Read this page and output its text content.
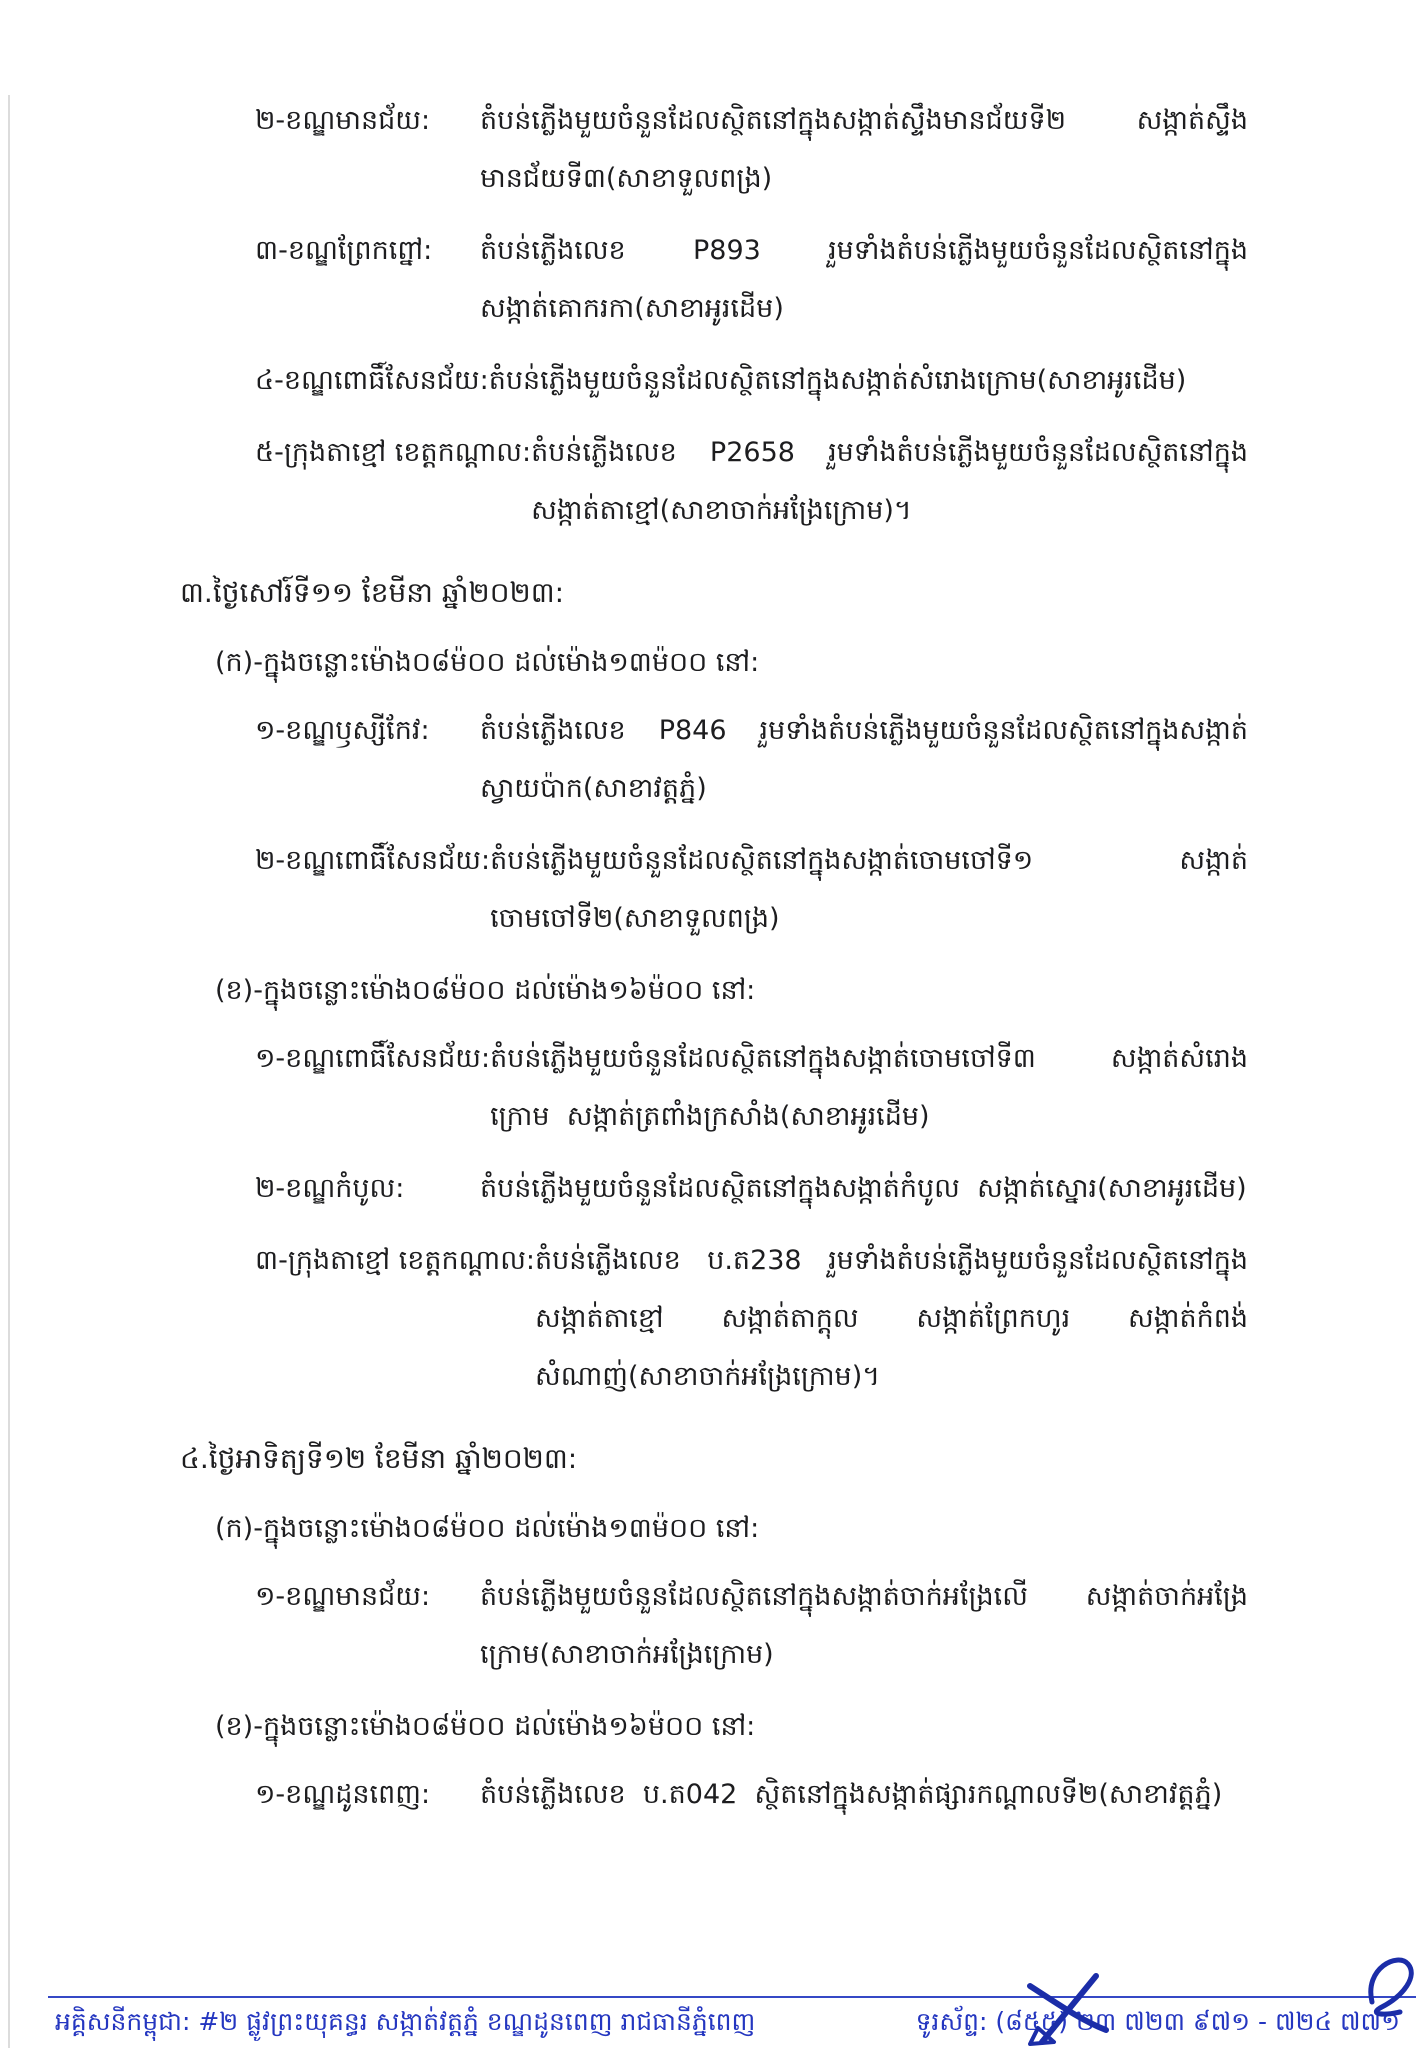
២-ខណ្ឌមានជ័យ:	តំបន់ភ្លើងមួយចំនួនដែលស្ថិតនៅក្នុងសង្កាត់ស្ទឹងមានជ័យទី២ សង្កាត់ស្ទឹងមានជ័យទី៣(សាខាទួលពង្រ)
៣-ខណ្ឌព្រែកព្នៅ:	តំបន់ភ្លើងលេខ P893 រួមទាំងតំបន់ភ្លើងមួយចំនួនដែលស្ថិតនៅក្នុងសង្កាត់គោករកា(សាខាអូរដើម)
៤-ខណ្ឌពោធិ៍សែនជ័យ: តំបន់ភ្លើងមួយចំនួនដែលស្ថិតនៅក្នុងសង្កាត់សំរោងក្រោម(សាខាអូរដើម)
៥-ក្រុងតាខ្មៅ ខេត្តកណ្តាល: តំបន់ភ្លើងលេខ P2658 រួមទាំងតំបន់ភ្លើងមួយចំនួនដែលស្ថិតនៅក្នុងសង្កាត់តាខ្មៅ(សាខាចាក់អង្រែក្រោម)។
៣.ថ្ងៃសៅរ៍ទី១១ ខែមីនា ឆ្នាំ២០២៣:
(ក)-ក្នុងចន្លោះម៉ោង០៨ម៉០០ ដល់ម៉ោង១៣ម៉០០ នៅ:
១-ខណ្ឌឫស្សីកែវ:	តំបន់ភ្លើងលេខ P846 រួមទាំងតំបន់ភ្លើងមួយចំនួនដែលស្ថិតនៅក្នុងសង្កាត់ស្វាយប៉ាក(សាខាវត្តភ្នំ)
២-ខណ្ឌពោធិ៍សែនជ័យ: តំបន់ភ្លើងមួយចំនួនដែលស្ថិតនៅក្នុងសង្កាត់ចោមចៅទី១ សង្កាត់ចោមចៅទី២(សាខាទួលពង្រ)
(ខ)-ក្នុងចន្លោះម៉ោង០៨ម៉០០ ដល់ម៉ោង១៦ម៉០០ នៅ:
១-ខណ្ឌពោធិ៍សែនជ័យ: តំបន់ភ្លើងមួយចំនួនដែលស្ថិតនៅក្នុងសង្កាត់ចោមចៅទី៣ សង្កាត់សំរោងក្រោម សង្កាត់ត្រពាំងក្រសាំង(សាខាអូរដើម)
២-ខណ្ឌកំបូល:	តំបន់ភ្លើងមួយចំនួនដែលស្ថិតនៅក្នុងសង្កាត់កំបូល សង្កាត់ស្នោរ(សាខាអូរដើម)
៣-ក្រុងតាខ្មៅ ខេត្តកណ្តាល: តំបន់ភ្លើងលេខ ប.ត238 រួមទាំងតំបន់ភ្លើងមួយចំនួនដែលស្ថិតនៅក្នុងសង្កាត់តាខ្មៅ សង្កាត់តាក្តុល សង្កាត់ព្រែកហូរ សង្កាត់កំពង់សំណាញ់(សាខាចាក់អង្រែក្រោម)។
៤.ថ្ងៃអាទិត្យទី១២ ខែមីនា ឆ្នាំ២០២៣:
(ក)-ក្នុងចន្លោះម៉ោង០៨ម៉០០ ដល់ម៉ោង១៣ម៉០០ នៅ:
១-ខណ្ឌមានជ័យ:	តំបន់ភ្លើងមួយចំនួនដែលស្ថិតនៅក្នុងសង្កាត់ចាក់អង្រែលើ សង្កាត់ចាក់អង្រែក្រោម(សាខាចាក់អង្រែក្រោម)
(ខ)-ក្នុងចន្លោះម៉ោង០៨ម៉០០ ដល់ម៉ោង១៦ម៉០០ នៅ:
១-ខណ្ឌដូនពេញ:	តំបន់ភ្លើងលេខ ប.ត042 ស្ថិតនៅក្នុងសង្កាត់ផ្សារកណ្តាលទី២(សាខាវត្តភ្នំ)
អគ្គិសនីកម្ពុជា: #២ ផ្លូវព្រះយុគន្ធរ សង្កាត់វត្តភ្នំ ខណ្ឌដូនពេញ រាជធានីភ្នំពេញ	ទូរស័ព្ទ: (៨៥៥) ២៣ ៧២៣ ៩៧១ - ៧២៤ ៧៧១
